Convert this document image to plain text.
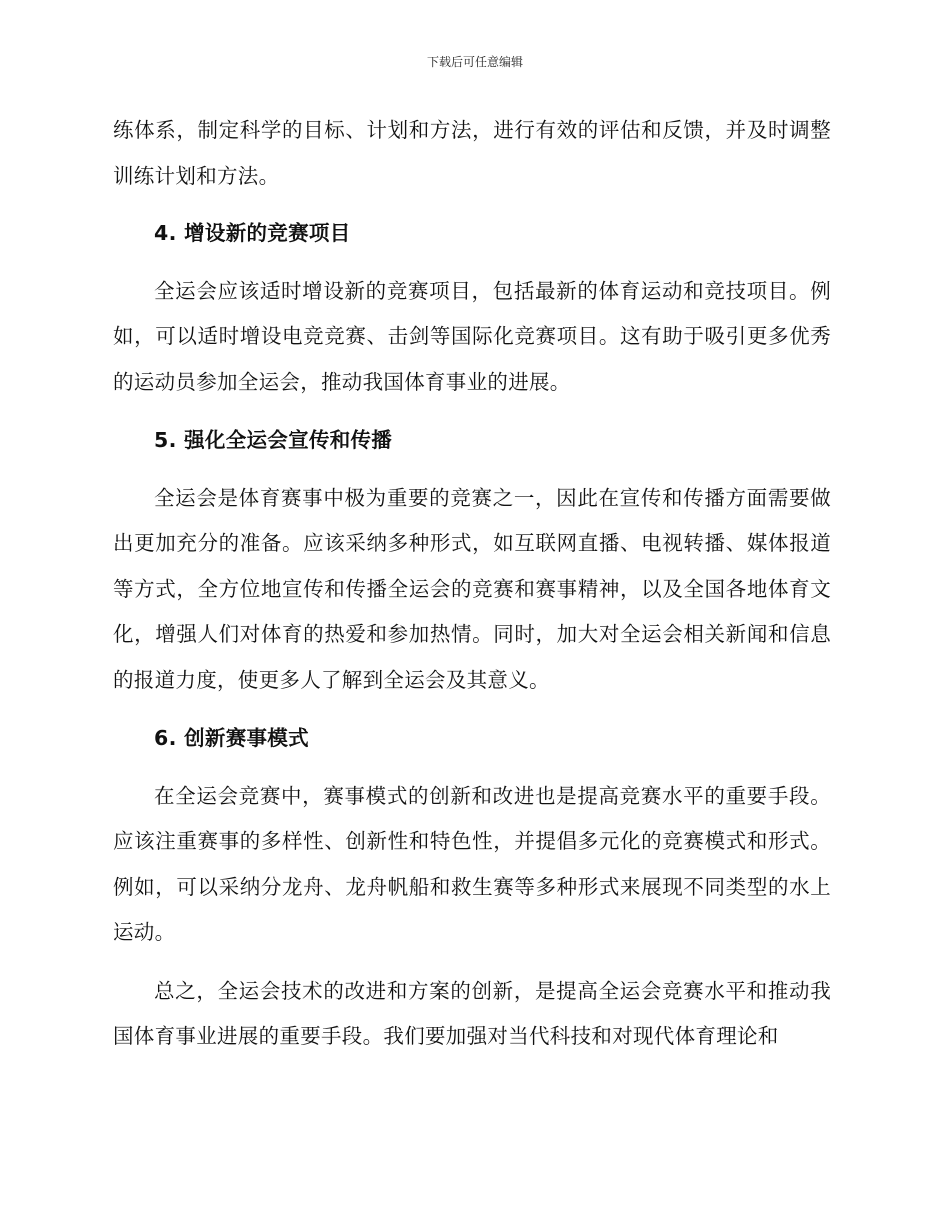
下载后可任意编辑

练体系，制定科学的目标、计划和方法，进行有效的评估和反馈，并及时调整训练计划和方法。

4. 增设新的竞赛项目

全运会应该适时增设新的竞赛项目，包括最新的体育运动和竞技项目。例如，可以适时增设电竞竞赛、击剑等国际化竞赛项目。这有助于吸引更多优秀的运动员参加全运会，推动我国体育事业的进展。

5. 强化全运会宣传和传播

全运会是体育赛事中极为重要的竞赛之一，因此在宣传和传播方面需要做出更加充分的准备。应该采纳多种形式，如互联网直播、电视转播、媒体报道等方式，全方位地宣传和传播全运会的竞赛和赛事精神，以及全国各地体育文化，增强人们对体育的热爱和参加热情。同时，加大对全运会相关新闻和信息的报道力度，使更多人了解到全运会及其意义。

6. 创新赛事模式

在全运会竞赛中，赛事模式的创新和改进也是提高竞赛水平的重要手段。应该注重赛事的多样性、创新性和特色性，并提倡多元化的竞赛模式和形式。例如，可以采纳分龙舟、龙舟帆船和救生赛等多种形式来展现不同类型的水上运动。

总之，全运会技术的改进和方案的创新，是提高全运会竞赛水平和推动我国体育事业进展的重要手段。我们要加强对当代科技和对现代体育理论和
